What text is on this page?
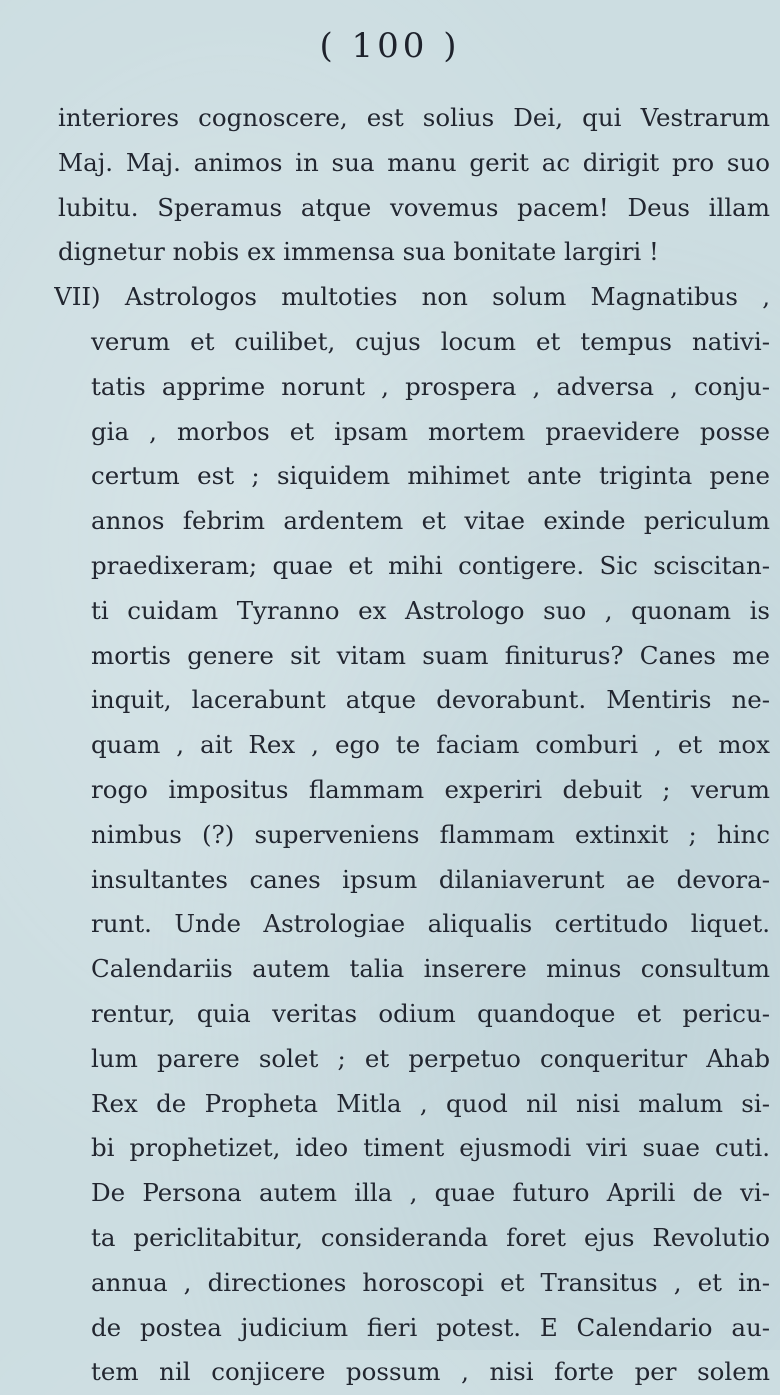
( 100 )
interiores cognoscere, est solius Dei, qui Vestrarum
Maj. Maj. animos in sua manu gerit ac dirigit pro suo
lubitu. Speramus atque vovemus pacem! Deus illam
dignetur nobis ex immensa sua bonitate largiri !
VII) Astrologos multoties non solum Magnatibus ,
verum et cuilibet, cujus locum et tempus nativi-
tatis apprime norunt , prospera , adversa , conju-
gia , morbos et ipsam mortem praevidere posse
certum est ; siquidem mihimet ante triginta pene
annos febrim ardentem et vitae exinde periculum
praedixeram; quae et mihi contigere. Sic sciscitan-
ti cuidam Tyranno ex Astrologo suo , quonam is
mortis genere sit vitam suam finiturus? Canes me
inquit, lacerabunt atque devorabunt. Mentiris ne-
quam , ait Rex , ego te faciam comburi , et mox
rogo impositus flammam experiri debuit ; verum
nimbus (?) superveniens flammam extinxit ; hinc
insultantes canes ipsum dilaniaverunt ae devora-
runt. Unde Astrologiae aliqualis certitudo liquet.
Calendariis autem talia inserere minus consultum
rentur, quia veritas odium quandoque et pericu-
lum parere solet ; et perpetuo conqueritur Ahab
Rex de Propheta Mitla , quod nil nisi malum si-
bi prophetizet, ideo timent ejusmodi viri suae cuti.
De Persona autem illa , quae futuro Aprili de vi-
ta periclitabitur, consideranda foret ejus Revolutio
annua , directiones horoscopi et Transitus , et in-
de postea judicium fieri potest. E Calendario au-
tem nil conjicere possum , nisi forte per solem
